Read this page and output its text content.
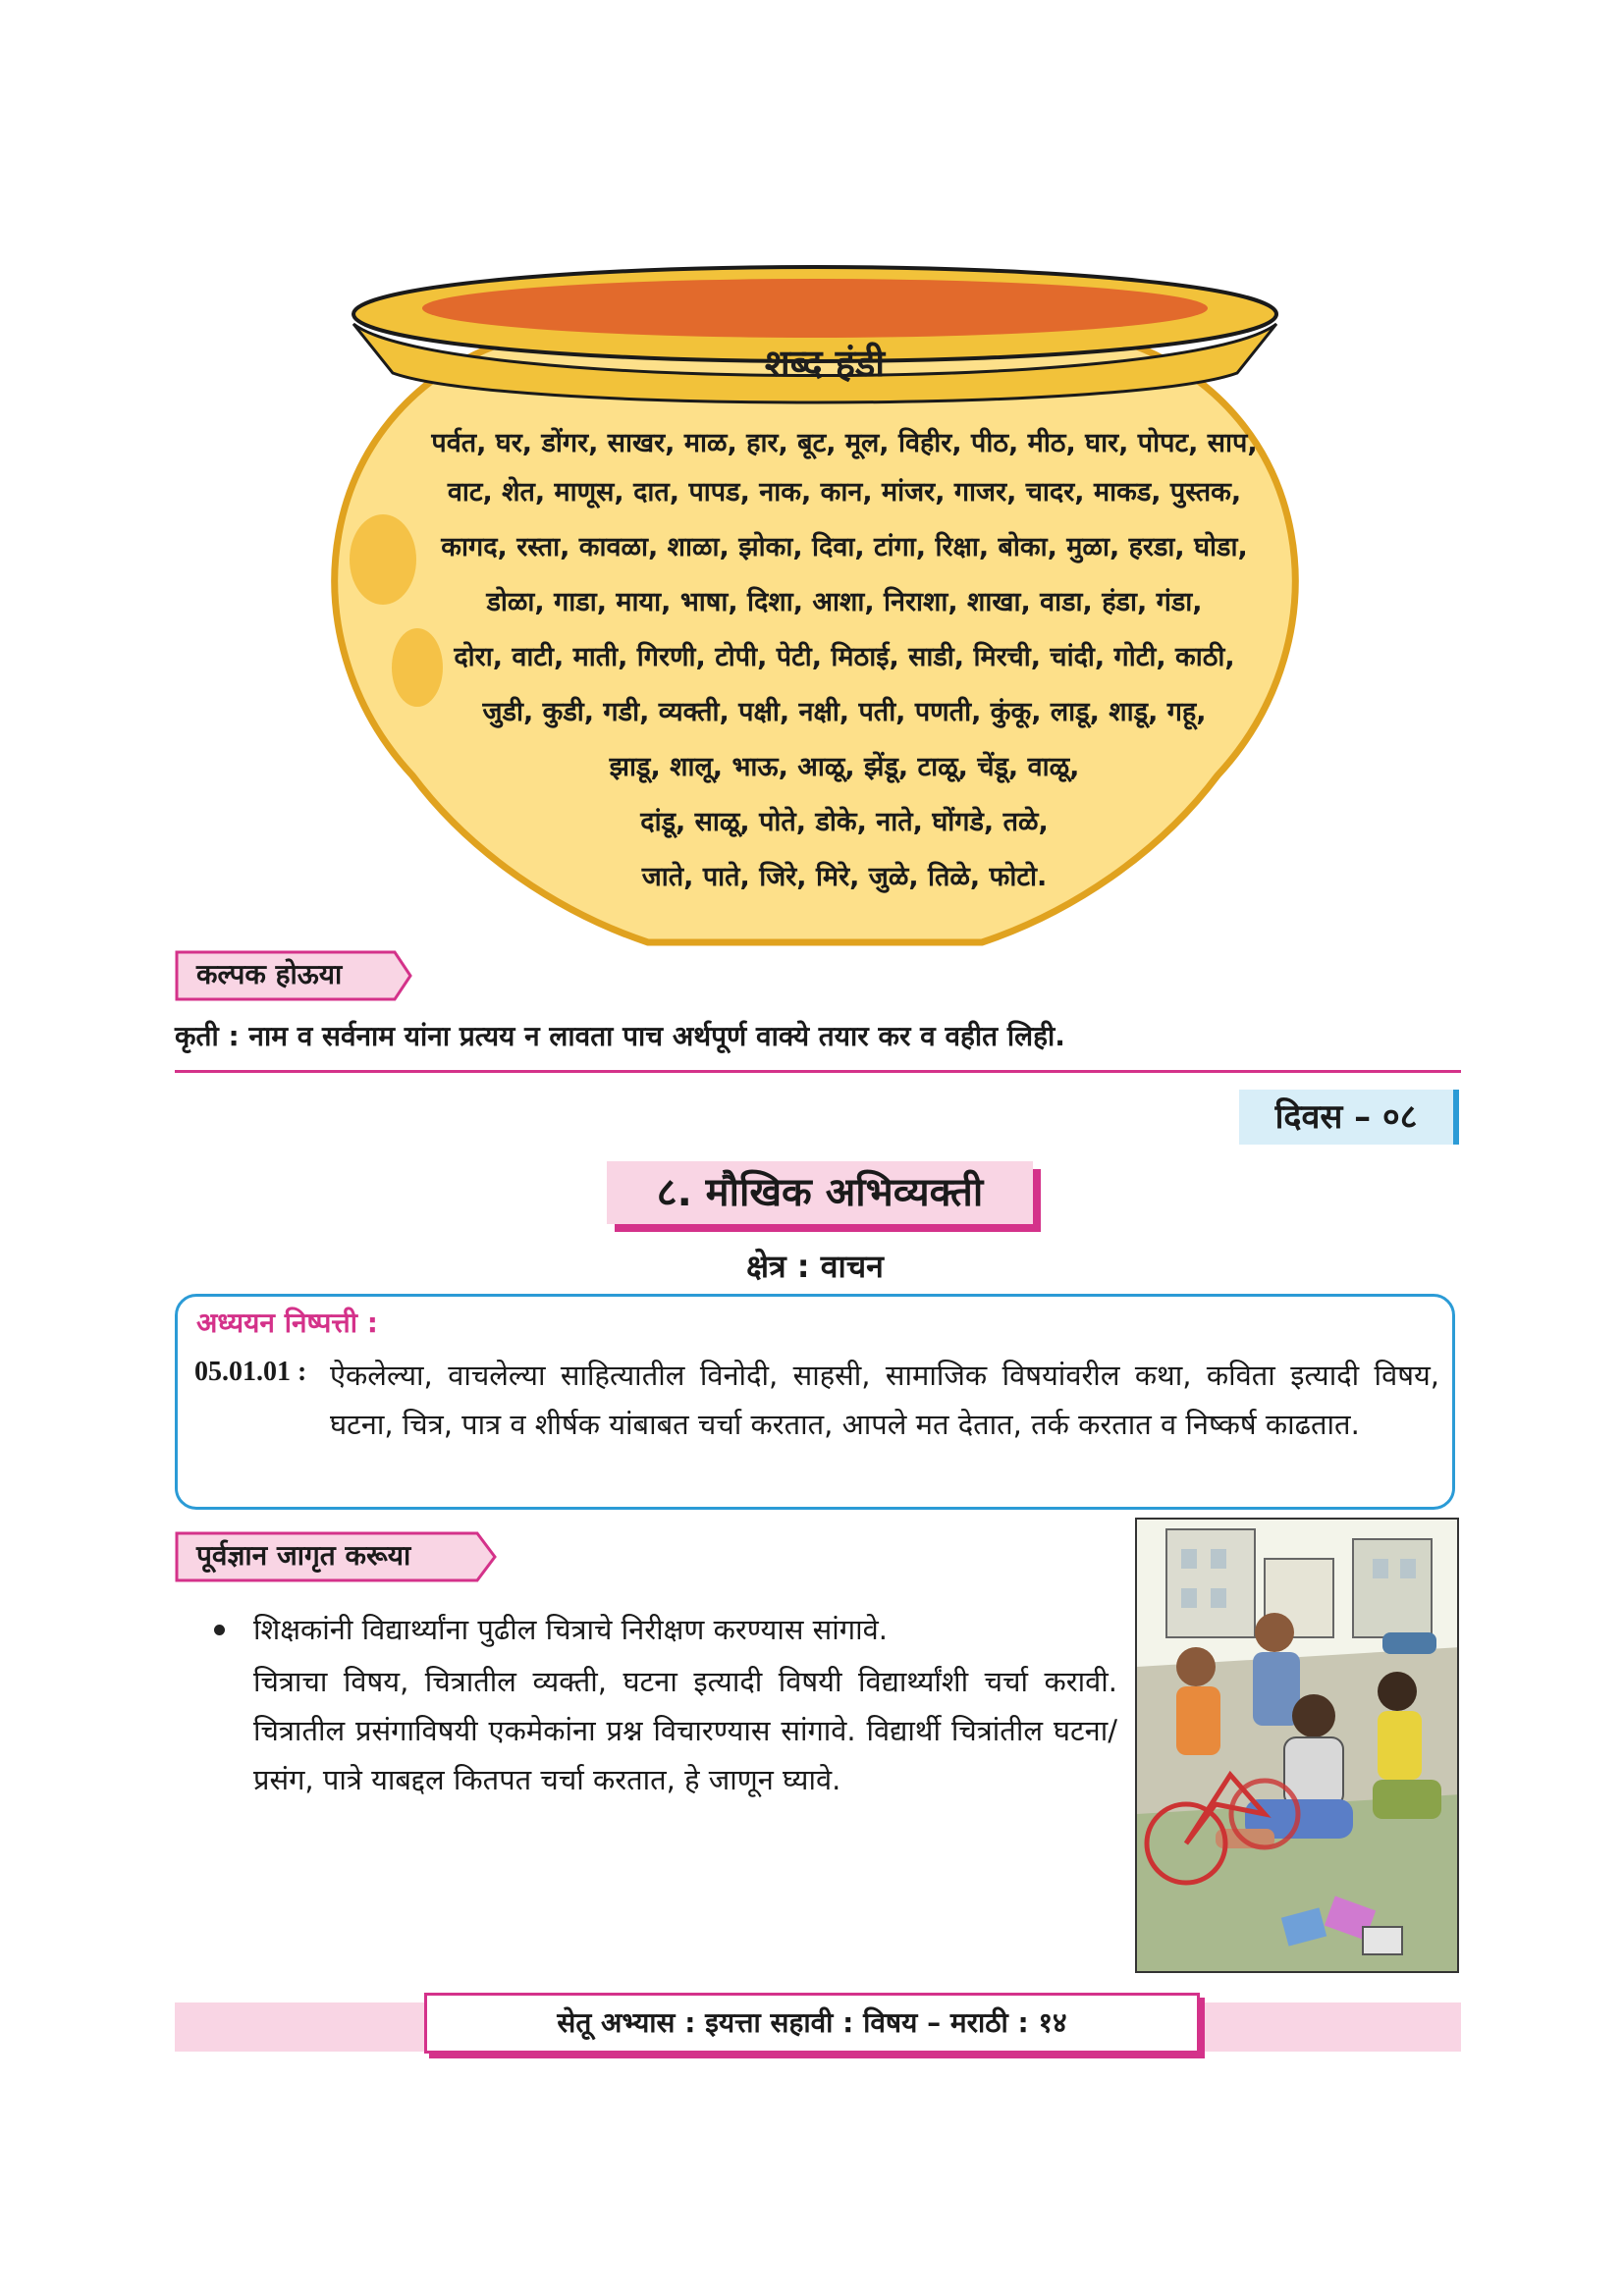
शब्द हंडी
पर्वत, घर, डोंगर, साखर, माळ, हार, बूट, मूल, विहीर, पीठ, मीठ, घार, पोपट, साप,
वाट, शेत, माणूस, दात, पापड, नाक, कान, मांजर, गाजर, चादर, माकड, पुस्तक,
कागद, रस्ता, कावळा, शाळा, झोका, दिवा, टांगा, रिक्षा, बोका, मुळा, हरडा, घोडा,
डोळा, गाडा, माया, भाषा, दिशा, आशा, निराशा, शाखा, वाडा, हंडा, गंडा,
दोरा, वाटी, माती, गिरणी, टोपी, पेटी, मिठाई, साडी, मिरची, चांदी, गोटी, काठी,
जुडी, कुडी, गडी, व्यक्ती, पक्षी, नक्षी, पती, पणती, कुंकू, लाडू, शाडू, गहू,
झाडू, शालू, भाऊ, आळू, झेंडू, टाळू, चेंडू, वाळू,
दांडू, साळू, पोते, डोके, नाते, घोंगडे, तळे,
जाते, पाते, जिरे, मिरे, जुळे, तिळे, फोटो.
कल्पक होऊया
कृती : नाम व सर्वनाम यांना प्रत्यय न लावता पाच अर्थपूर्ण वाक्ये तयार कर व वहीत लिही.
दिवस – ०८
८. मौखिक अभिव्यक्ती
क्षेत्र : वाचन
अध्ययन निष्पत्ती :
05.01.01 : ऐकलेल्या, वाचलेल्या साहित्यातील विनोदी, साहसी, सामाजिक विषयांवरील कथा, कविता इत्यादी विषय, घटना, चित्र, पात्र व शीर्षक यांबाबत चर्चा करतात, आपले मत देतात, तर्क करतात व निष्कर्ष काढतात.
पूर्वज्ञान जागृत करूया
शिक्षकांनी विद्यार्थ्यांना पुढील चित्राचे निरीक्षण करण्यास सांगावे.
चित्राचा विषय, चित्रातील व्यक्ती, घटना इत्यादी विषयी विद्यार्थ्यांशी चर्चा करावी. चित्रातील प्रसंगाविषयी एकमेकांना प्रश्न विचारण्यास सांगावे. विद्यार्थी चित्रांतील घटना/प्रसंग, पात्रे याबद्दल कितपत चर्चा करतात, हे जाणून घ्यावे.
सेतू अभ्यास : इयत्ता सहावी : विषय – मराठी : १४
